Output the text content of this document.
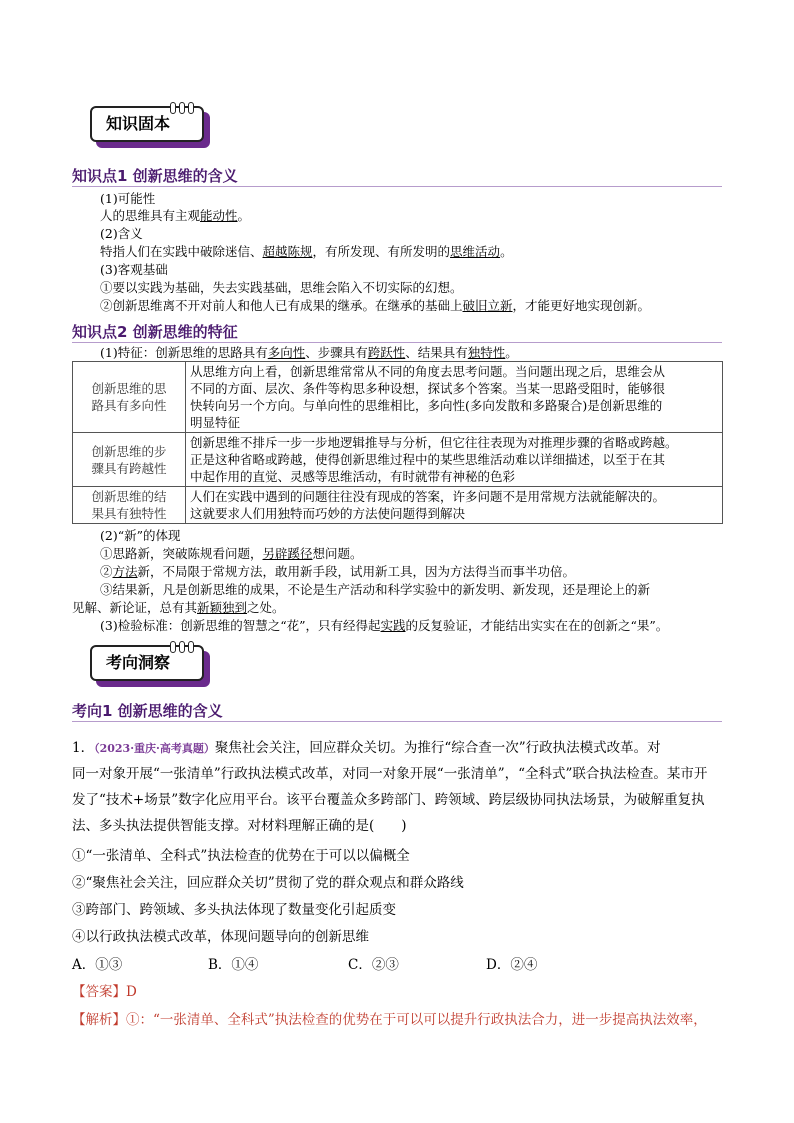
知识固本
知识点1 创新思维的含义
(1)可能性
人的思维具有主观能动性。
(2)含义
特指人们在实践中破除迷信、超越陈规，有所发现、有所发明的思维活动。
(3)客观基础
①要以实践为基础，失去实践基础，思维会陷入不切实际的幻想。
②创新思维离不开对前人和他人已有成果的继承。在继承的基础上破旧立新，才能更好地实现创新。
知识点2 创新思维的特征
(1)特征：创新思维的思路具有多向性、步骤具有跨跃性、结果具有独特性。
创新思维的思
路具有多向性	从思维方向上看，创新思维常常从不同的角度去思考问题。当问题出现之后，思维会从
不同的方面、层次、条件等构思多种设想，探试多个答案。当某一思路受阻时，能够很
快转向另一个方向。与单向性的思维相比，多向性(多向发散和多路聚合)是创新思维的
明显特征
创新思维的步
骤具有跨越性	创新思维不排斥一步一步地逻辑推导与分析，但它往往表现为对推理步骤的省略或跨越。
正是这种省略或跨越，使得创新思维过程中的某些思维活动难以详细描述，以至于在其
中起作用的直觉、灵感等思维活动，有时就带有神秘的色彩
创新思维的结
果具有独特性	人们在实践中遇到的问题往往没有现成的答案，许多问题不是用常规方法就能解决的。
这就要求人们用独特而巧妙的方法使问题得到解决
(2)“新”的体现
①思路新，突破陈规看问题，另辟蹊径想问题。
②方法新，不局限于常规方法，敢用新手段，试用新工具，因为方法得当而事半功倍。
③结果新，凡是创新思维的成果，不论是生产活动和科学实验中的新发明、新发现，还是理论上的新
见解、新论证，总有其新颖独到之处。
(3)检验标准：创新思维的智慧之“花”，只有经得起实践的反复验证，才能结出实实在在的创新之“果”。
考向洞察
考向1 创新思维的含义
1．（2023·重庆·高考真题）聚焦社会关注，回应群众关切。为推行“综合查一次”行政执法模式改革。对
同一对象开展“一张清单”行政执法模式改革，对同一对象开展“一张清单”，“全科式”联合执法检查。某市开
发了“技术+场景”数字化应用平台。该平台覆盖众多跨部门、跨领域、跨层级协同执法场景，为破解重复执
法、多头执法提供智能支撑。对材料理解正确的是(　　)
①“一张清单、全科式”执法检查的优势在于可以以偏概全
②“聚焦社会关注，回应群众关切”贯彻了党的群众观点和群众路线
③跨部门、跨领域、多头执法体现了数量变化引起质变
④以行政执法模式改革，体现问题导向的创新思维
A．①③	B．①④	C．②③	D．②④
【答案】D
【解析】①：“一张清单、全科式”执法检查的优势在于可以可以提升行政执法合力，进一步提高执法效率，
